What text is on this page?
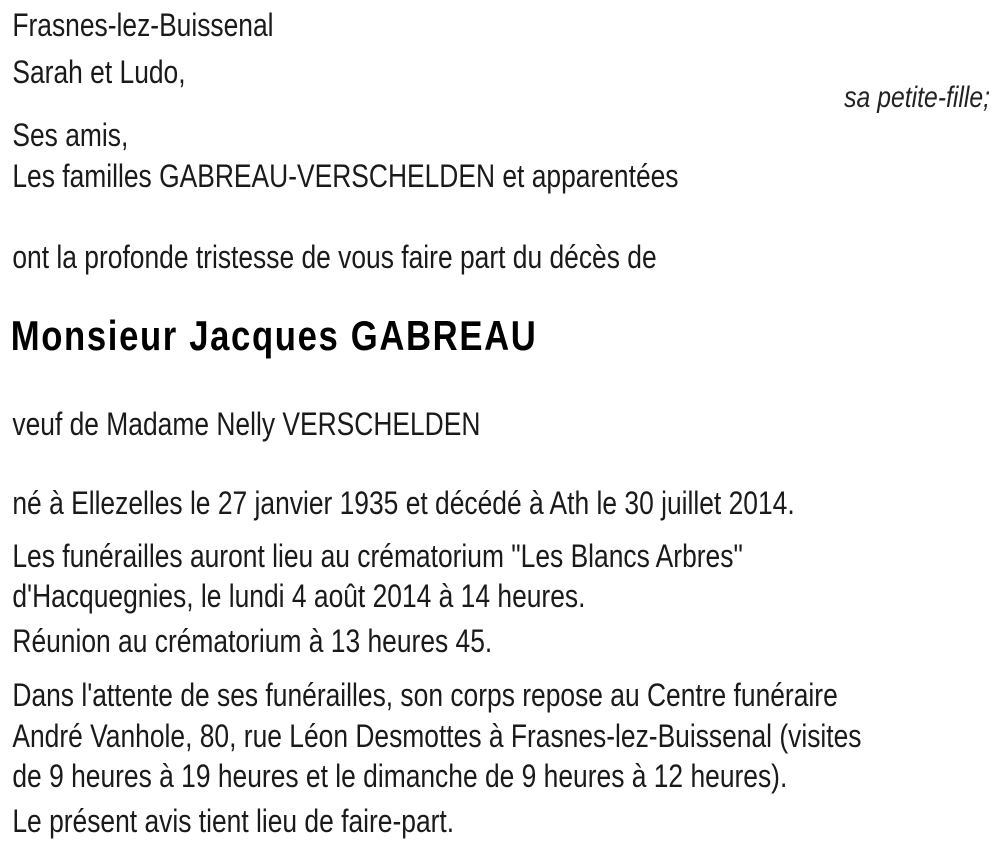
Frasnes-lez-Buissenal
Sarah et Ludo,
sa petite-fille;
Ses amis,
Les familles GABREAU-VERSCHELDEN et apparentées
ont la profonde tristesse de vous faire part du décès de
Monsieur Jacques GABREAU
veuf de Madame Nelly VERSCHELDEN
né à Ellezelles le 27 janvier 1935 et décédé à Ath le 30 juillet 2014.
Les funérailles auront lieu au crématorium "Les Blancs Arbres"
d'Hacquegnies, le lundi 4 août 2014 à 14 heures.
Réunion au crématorium à 13 heures 45.
Dans l'attente de ses funérailles, son corps repose au Centre funéraire
André Vanhole, 80, rue Léon Desmottes à Frasnes-lez-Buissenal (visites
de 9 heures à 19 heures et le dimanche de 9 heures à 12 heures).
Le présent avis tient lieu de faire-part.
